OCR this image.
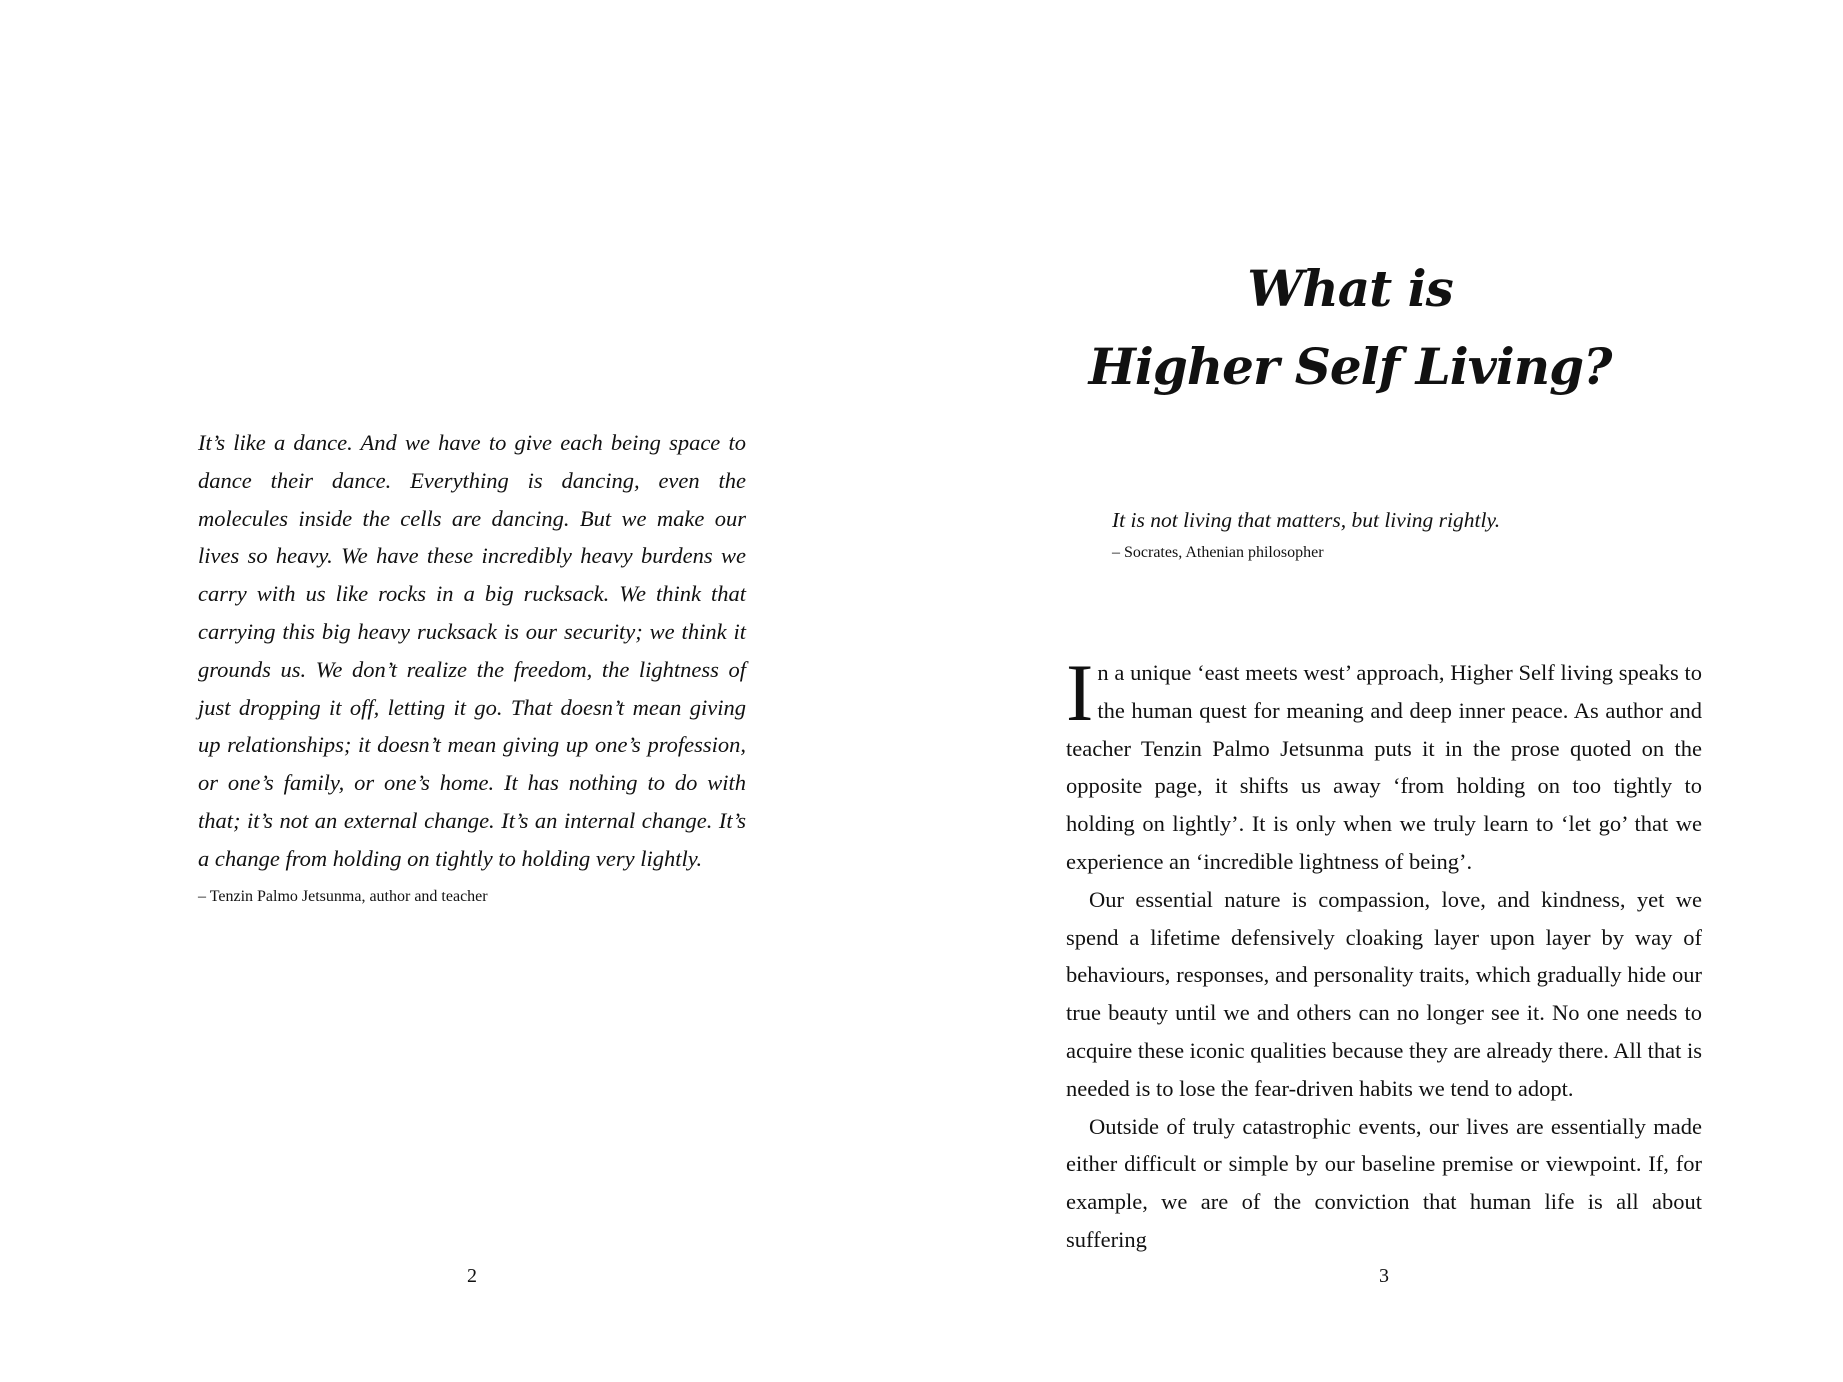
It’s like a dance. And we have to give each being space to dance their dance. Everything is dancing, even the molecules inside the cells are dancing. But we make our lives so heavy. We have these incredibly heavy burdens we carry with us like rocks in a big rucksack. We think that carrying this big heavy rucksack is our security; we think it grounds us. We don’t realize the freedom, the lightness of just dropping it off, letting it go. That doesn’t mean giving up relationships; it doesn’t mean giving up one’s profession, or one’s family, or one’s home. It has nothing to do with that; it’s not an external change. It’s an internal change. It’s a change from holding on tightly to holding very lightly.
– Tenzin Palmo Jetsunma, author and teacher
2
What is
Higher Self Living?
It is not living that matters, but living rightly.
– Socrates, Athenian philosopher

In a unique ‘east meets west’ approach, Higher Self living speaks to the human quest for meaning and deep inner peace. As author and teacher Tenzin Palmo Jetsunma puts it in the prose quoted on the opposite page, it shifts us away ‘from holding on too tightly to holding on lightly’. It is only when we truly learn to ‘let go’ that we experience an ‘incredible lightness of being’.

Our essential nature is compassion, love, and kindness, yet we spend a lifetime defensively cloaking layer upon layer by way of behaviours, responses, and personality traits, which gradually hide our true beauty until we and others can no longer see it. No one needs to acquire these iconic qualities because they are already there. All that is needed is to lose the fear-driven habits we tend to adopt.

Outside of truly catastrophic events, our lives are essentially made either difficult or simple by our baseline premise or viewpoint. If, for example, we are of the conviction that human life is all about suffering

3
